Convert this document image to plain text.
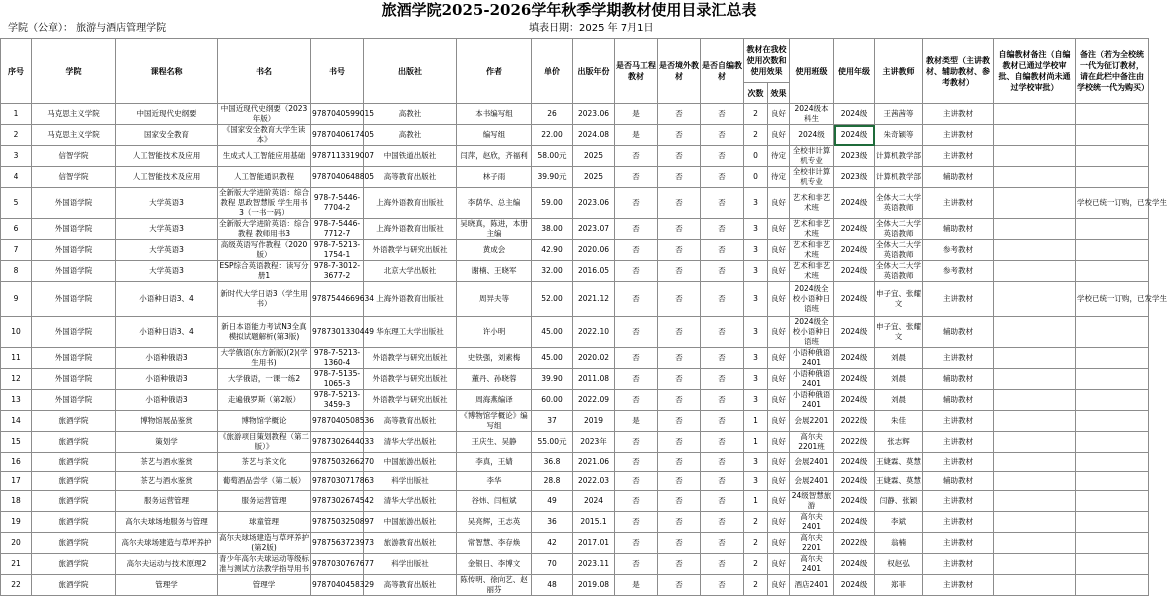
旅酒学院2025-2026学年秋季学期教材使用目录汇总表
学院（公章）： 旅游与酒店管理学院	填表日期：2025 年 7月1日
序号	学院	课程名称	书名	书号	出版社	作者	单价	出版年份	是否马工程教材	是否境外教材	是否自编教材	教材在我校使用次数和使用效果		使用班级	使用年级	主讲教师	教材类型（主讲教材、辅助教材、参考教材）	自编教材备注（自编教材已通过学校审批、自编教材尚未通过学校审批）	备注（若为全校统一代为征订教材，请在此栏中备注由学校统一代为购买）
												次数	效果						
1	马克思主义学院	中国近现代史纲要	中国近现代史纲要（2023年版）	9787040599015	高教社	本书编写组	26	2023.06	是	否	否	2	良好	2024级本科生	2024级	王茜茜等	主讲教材		
2	马克思主义学院	国家安全教育	《国家安全教育大学生读本》	9787040617405	高教社	编写组	22.00	2024.08	是	否	否	2	良好	2024级	2024级	朱奇颖等	主讲教材		
3	信智学院	人工智能技术及应用	生成式人工智能应用基础	9787113319007	中国铁道出版社	闫萍，赵欣，齐福利	58.00元	2025	否	否	否	0	待定	全校非计算机专业	2023级	计算机教学部	主讲教材		
4	信智学院	人工智能技术及应用	人工智能通识教程	9787040648805	高等教育出版社	林子雨	39.90元	2025	否	否	否	0	待定	全校非计算机专业	2023级	计算机教学部	辅助教材		
5	外国语学院	大学英语3	全新版大学进阶英语：综合教程 思政智慧版 学生用书3（一书一码）	978-7-5446-7704-2	上海外语教育出版社	李荫华、总主编	59.00	2023.06	否	否	否	3	良好	艺术和非艺术班	2024级	全体大二大学英语教师	主讲教材		学校已统一订购，已发学生
6	外国语学院	大学英语3	全新版大学进阶英语：综合教程 教师用书3	978-7-5446-7712-7	上海外语教育出版社	吴晓真，陈进，本册主编	38.00	2023.07	否	否	否	3	良好	艺术和非艺术班	2024级	全体大二大学英语教师	辅助教材		
7	外国语学院	大学英语3	高级英语写作教程（2020版）	978-7-5213-1754-1	外语教学与研究出版社	黄成会	42.90	2020.06	否	否	否	3	良好	艺术和非艺术班	2024级	全体大二大学英语教师	参考教材		
8	外国语学院	大学英语3	ESP综合英语教程：读写分册1	978-7-3012-3677-2	北京大学出版社	谢楠、王晓军	32.00	2016.05	否	否	否	3	良好	艺术和非艺术班	2024级	全体大二大学英语教师	参考教材		
9	外国语学院	小语种日语3、4	新时代大学日语3（学生用书）	9787544669634	上海外语教育出版社	周异夫等	52.00	2021.12	否	否	否	3	良好	2024级全校小语种日语班	2024级	申子宜、张耀文	主讲教材		学校已统一订购，已发学生
10	外国语学院	小语种日语3、4	新日本语能力考试N3全真模拟试题解析(第3版)	9787301330449	华东理工大学出版社	许小明	45.00	2022.10	否	否	否	3	良好	2024级全校小语种日语班	2024级	申子宜、张耀文	辅助教材		
11	外国语学院	小语种俄语3	大学俄语(东方新版)(2)(学生用书)	978-7-5213-1360-4	外语教学与研究出版社	史铁强，刘素梅	45.00	2020.02	否	否	否	3	良好	小语种俄语2401	2024级	刘晨	主讲教材		
12	外国语学院	小语种俄语3	大学俄语，一课一练2	978-7-5135-1065-3	外语教学与研究出版社	董丹、孙晓蓉	39.90	2011.08	否	否	否	3	良好	小语种俄语2401	2024级	刘晨	辅助教材		
13	外国语学院	小语种俄语3	走遍俄罗斯（第2版）	978-7-5213-3459-3	外语教学与研究出版社	周海燕编译	60.00	2022.09	否	否	否	3	良好	小语种俄语2401	2024级	刘晨	辅助教材		
14	旅酒学院	博物馆展品鉴赏	博物馆学概论	9787040508536	高等教育出版社	《博物馆学概论》编写组	37	2019	是	否	否	1	良好	会展2201	2022级	朱佳	主讲教材		
15	旅酒学院	策划学	《旅游项目策划教程（第二版）》	9787302644033	清华大学出版社	王庆生、吴静	55.00元	2023年	否	否	否	1	良好	高尔夫2201班	2022级	张志辉	主讲教材		
16	旅酒学院	茶艺与酒水鉴赏	茶艺与茶文化	9787503266270	中国旅游出版社	李真，王婧	36.8	2021.06	否	否	否	3	良好	会展2401	2024级	王婕霖、莫慧	主讲教材		
17	旅酒学院	茶艺与酒水鉴赏	葡萄酒品尝学（第二版）	9787030717863	科学出版社	李华	28.8	2022.03	否	否	否	3	良好	会展2401	2024级	王婕霖、莫慧	辅助教材		
18	旅酒学院	服务运营管理	服务运营管理	9787302674542	清华大学出版社	谷炜、闫桓斌	49	2024	否	否	否	1	良好	24级智慧旅游	2024级	闫静、张颖	主讲教材		
19	旅酒学院	高尔夫球场地服务与管理	球童管理	9787503250897	中国旅游出版社	吴亮辉，王志英	36	2015.1	否	否	否	2	良好	高尔夫2401	2024级	李斌	主讲教材		
20	旅酒学院	高尔夫球场建造与草坪养护	高尔夫球场建造与草坪养护(第2版)	9787563723973	旅游教育出版社	常智慧、李存焕	42	2017.01	否	否	否	2	良好	高尔夫2201	2022级	翁楠	主讲教材		
21	旅酒学院	高尔夫运动与技术原理2	青少年高尔夫球运动等级标准与测试方法教学指导用书	9787030767677	科学出版社	金银日、李博文	70	2023.11	否	否	否	2	良好	高尔夫2401	2024级	权赵弘	主讲教材		
22	旅酒学院	管理学	管理学	9787040458329	高等教育出版社	陈传明、徐向艺、赵丽芬	48	2019.08	是	否	否	2	良好	酒店2401	2024级	郑菲	主讲教材		
